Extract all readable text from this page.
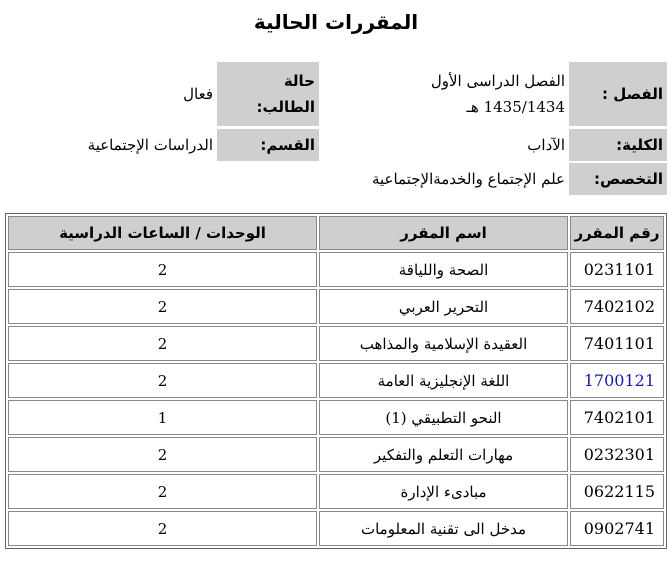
المقررات الحالية
الفصل :
الفصل الدراسى الأول
1435/1434 هـ
حالة
الطالب:
فعال
الكلية:
الآداب
القسم:
الدراسات الإجتماعية
التخصص:
علم الإجتماع والخدمةالإجتماعية
رقم المقرر	اسم المقرر	الوحدات / الساعات الدراسية
0231101	الصحة واللياقة	2
7402102	التحرير العربي	2
7401101	العقيدة الإسلامية والمذاهب	2
1700121	اللغة الإنجليزية العامة	2
7402101	النحو التطبيقي (1)	1
0232301	مهارات التعلم والتفكير	2
0622115	مبادىء الإدارة	2
0902741	مدخل الى تقنية المعلومات	2
